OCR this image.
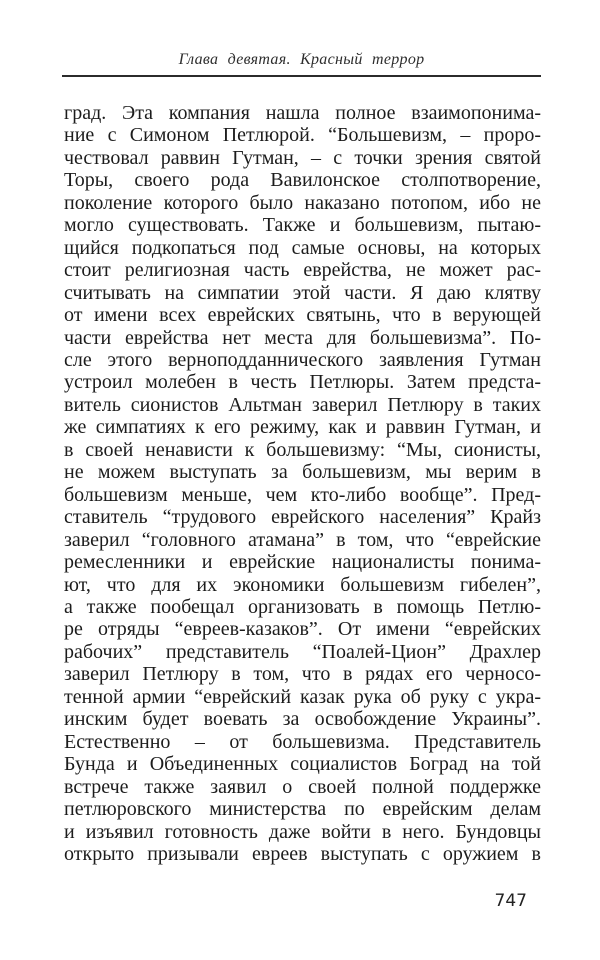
Глава девятая. Красный террор
град. Эта компания нашла полное взаимопонима-
ние с Симоном Петлюрой. “Большевизм, – проро-
чествовал раввин Гутман, – с точки зрения святой
Торы, своего рода Вавилонское столпотворение,
поколение которого было наказано потопом, ибо не
могло существовать. Также и большевизм, пытаю-
щийся подкопаться под самые основы, на которых
стоит религиозная часть еврейства, не может рас-
считывать на симпатии этой части. Я даю клятву
от имени всех еврейских святынь, что в верующей
части еврейства нет места для большевизма”. По-
сле этого верноподданнического заявления Гутман
устроил молебен в честь Петлюры. Затем предста-
витель сионистов Альтман заверил Петлюру в таких
же симпатиях к его режиму, как и раввин Гутман, и
в своей ненависти к большевизму: “Мы, сионисты,
не можем выступать за большевизм, мы верим в
большевизм меньше, чем кто-либо вообще”. Пред-
ставитель “трудового еврейского населения” Крайз
заверил “головного атамана” в том, что “еврейские
ремесленники и еврейские националисты понима-
ют, что для их экономики большевизм гибелен”,
а также пообещал организовать в помощь Петлю-
ре отряды “евреев-казаков”. От имени “еврейских
рабочих” представитель “Поалей-Цион” Драхлер
заверил Петлюру в том, что в рядах его черносо-
тенной армии “еврейский казак рука об руку с укра-
инским будет воевать за освобождение Украины”.
Естественно – от большевизма. Представитель
Бунда и Объединенных социалистов Боград на той
встрече также заявил о своей полной поддержке
петлюровского министерства по еврейским делам
и изъявил готовность даже войти в него. Бундовцы
открыто призывали евреев выступать с оружием в
747
